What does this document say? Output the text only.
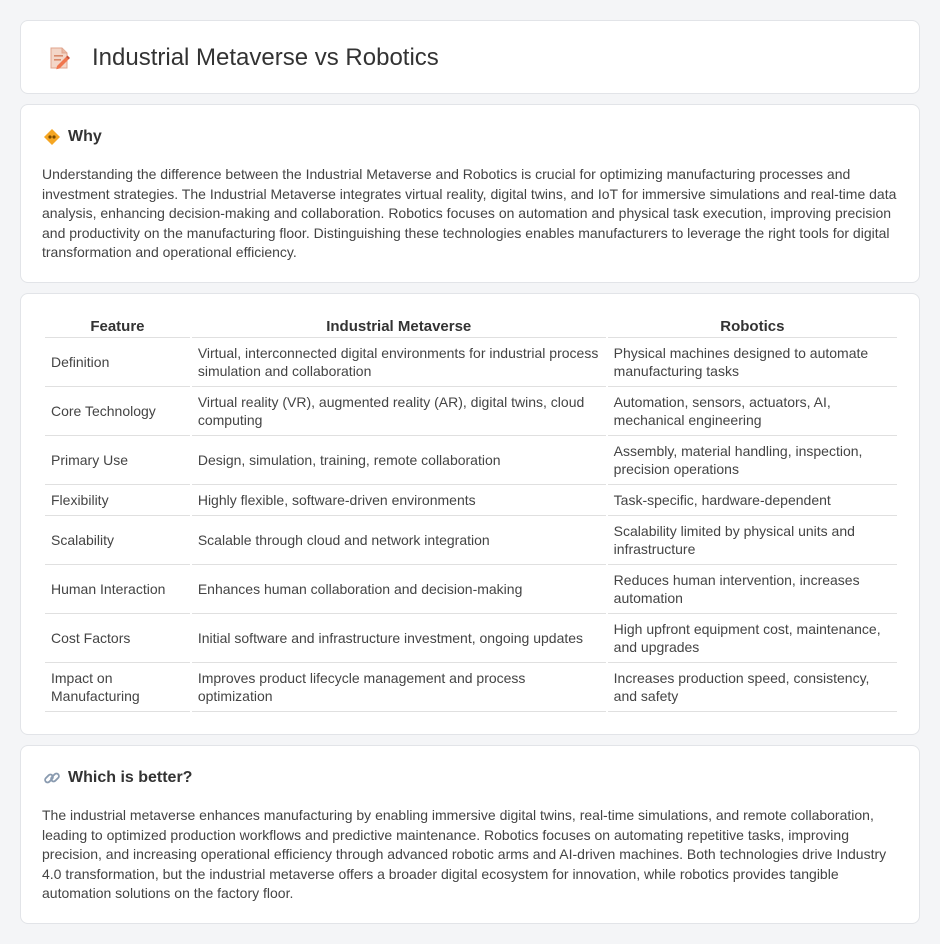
Industrial Metaverse vs Robotics
Why

Understanding the difference between the Industrial Metaverse and Robotics is crucial for optimizing manufacturing processes and investment strategies. The Industrial Metaverse integrates virtual reality, digital twins, and IoT for immersive simulations and real-time data analysis, enhancing decision-making and collaboration. Robotics focuses on automation and physical task execution, improving precision and productivity on the manufacturing floor. Distinguishing these technologies enables manufacturers to leverage the right tools for digital transformation and operational efficiency.

Feature	Industrial Metaverse	Robotics
Definition	Virtual, interconnected digital environments for industrial process simulation and collaboration	Physical machines designed to automate manufacturing tasks
Core Technology	Virtual reality (VR), augmented reality (AR), digital twins, cloud computing	Automation, sensors, actuators, AI, mechanical engineering
Primary Use	Design, simulation, training, remote collaboration	Assembly, material handling, inspection, precision operations
Flexibility	Highly flexible, software-driven environments	Task-specific, hardware-dependent
Scalability	Scalable through cloud and network integration	Scalability limited by physical units and infrastructure
Human Interaction	Enhances human collaboration and decision-making	Reduces human intervention, increases automation
Cost Factors	Initial software and infrastructure investment, ongoing updates	High upfront equipment cost, maintenance, and upgrades
Impact on Manufacturing	Improves product lifecycle management and process optimization	Increases production speed, consistency, and safety
Which is better?

The industrial metaverse enhances manufacturing by enabling immersive digital twins, real-time simulations, and remote collaboration, leading to optimized production workflows and predictive maintenance. Robotics focuses on automating repetitive tasks, improving precision, and increasing operational efficiency through advanced robotic arms and AI-driven machines. Both technologies drive Industry 4.0 transformation, but the industrial metaverse offers a broader digital ecosystem for innovation, while robotics provides tangible automation solutions on the factory floor.
